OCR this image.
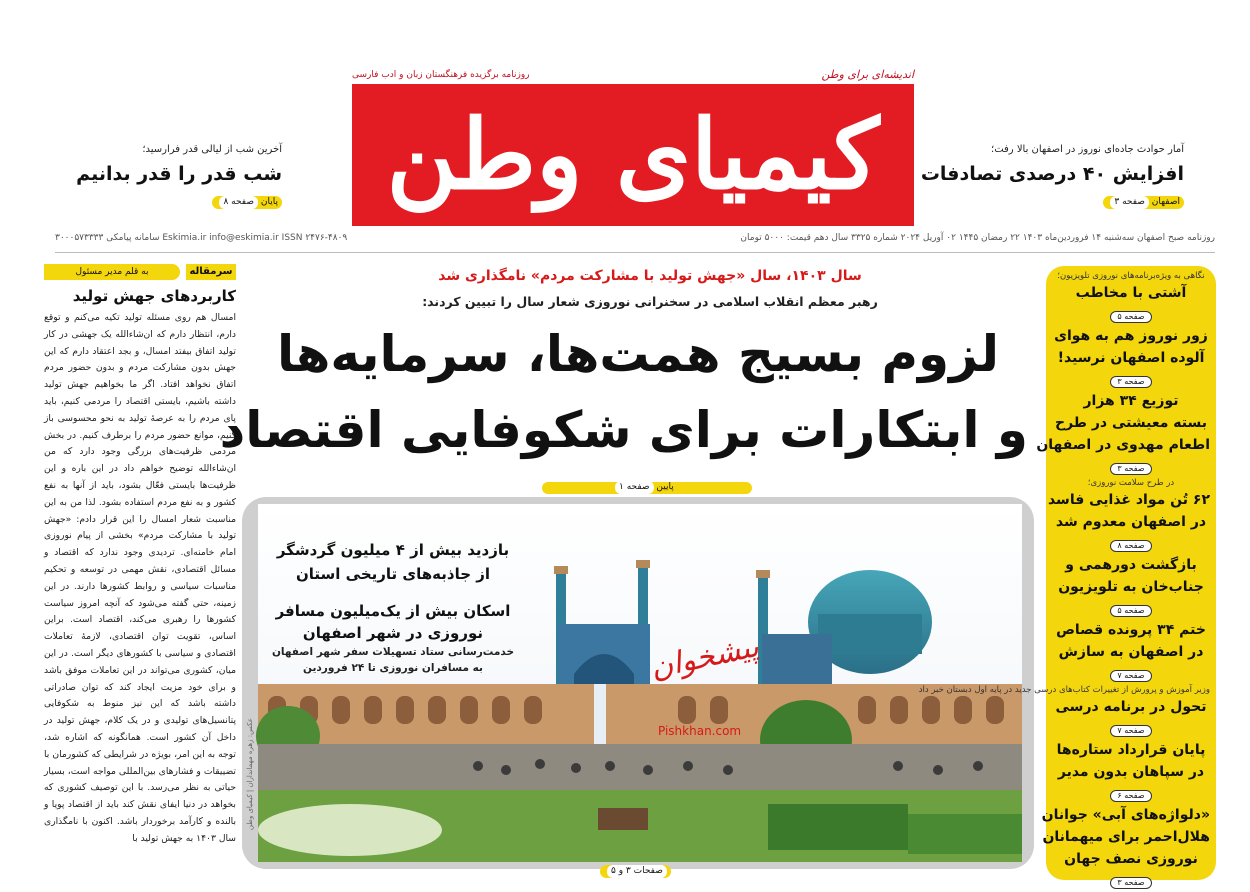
اندیشه‌ای برای وطن
روزنامه برگزیده فرهنگستان زبان و ادب فارسی
کیمیای وطن	آمار حوادث جاده‌ای نوروز در اصفهان بالا رفت؛
افزایش ۴۰ درصدی تصادفات
اصفهان صفحه ۳
آخرین شب از لیالی قدر فرارسید؛
شب قدر را قدر بدانیم
پایان صفحه ۸
روزنامه صبح اصفهان سه‌شنبه ۱۴ فروردین‌ماه ۱۴۰۳ ۲۲ رمضان ۱۴۴۵ ۰۲ آوریل ۲۰۲۴ شماره ۳۳۲۵ سال دهم قیمت: ۵۰۰۰ تومان
سامانه پیامکی ۳۰۰۰۵۷۳۳۳۳ Eskimia.ir info@eskimia.ir ISSN ۲۴۷۶-۴۸۰۹
سرمقاله
به قلم مدیر مسئول
کاربردهای جهش تولید
امسال هم روی مسئله تولید تکیه می‌کنم و توقع دارم، انتظار دارم که ان‌شاءالله یک جهشی در کار تولید اتفاق بیفتد امسال، و بجد اعتقاد دارم که این جهش بدون مشارکت مردم و بدون حضور مردم اتفاق نخواهد افتاد. اگر ما بخواهیم جهش تولید داشته باشیم، بایستی اقتصاد را مردمی کنیم، باید پای مردم را به عرصهٔ تولید به نحو محسوسی باز کنیم، موانع حضور مردم را برطرف کنیم. در بخش مردمی ظرفیت‌های بزرگی وجود دارد که من ان‌شاءالله توضیح خواهم داد در این باره و این ظرفیت‌ها بایستی فعّال بشود، باید از آنها به نفع کشور و به نفع مردم استفاده بشود. لذا من به این مناسبت شعار امسال را این قرار دادم: «جهش تولید با مشارکت مردم» بخشی از پیام نوروزی امام خامنه‌ای. تردیدی وجود ندارد که اقتصاد و مسائل اقتصادی، نقش مهمی در توسعه و تحکیم مناسبات سیاسی و روابط کشورها دارند. در این زمینه، حتی گفته می‌شود که آنچه امروز سیاست کشورها را رهبری می‌کند، اقتصاد است. براین اساس، تقویت توان اقتصادی، لازمهٔ تعاملات اقتصادی و سیاسی با کشورهای دیگر است. در این میان، کشوری می‌تواند در این تعاملات موفق باشد و برای خود مزیت ایجاد کند که توان صادراتی داشته باشد که این نیز منوط به شکوفایی پتانسیل‌های تولیدی و در یک کلام، جهش تولید در داخل آن کشور است. همانگونه که اشاره شد، توجه به این امر، بویژه در شرایطی که کشورمان با تضییقات و فشارهای بین‌المللی مواجه است، بسیار حیاتی به نظر می‌رسد. با این توصیف کشوری که بخواهد در دنیا ایفای نقش کند باید از اقتصاد پویا و بالنده و کارآمد برخوردار باشد. اکنون با نامگذاری سال ۱۴۰۳ به جهش تولید با
سال ۱۴۰۳، سال «جهش تولید با مشارکت مردم» نامگذاری شد
رهبر معظم انقلاب اسلامی در سخنرانی نوروزی شعار سال را تبیین کردند:
لزوم بسیج همت‌ها، سرمایه‌ها
و ابتکارات برای شکوفایی اقتصاد
پایین صفحه ۱
بازدید بیش از ۴ میلیون گردشگر از جاذبه‌های تاریخی استان
اسکان بیش از یک‌میلیون مسافر نوروزی در شهر اصفهان
خدمت‌رسانی ستاد تسهیلات سفر شهر اصفهان به مسافران نوروزی تا ۲۴ فروردین
عکس: زهره مهمانداران | کیمیای وطن
پیشخوان
Pishkhan.com
صفحات ۳ و ۵
نگاهی به ویژه‌برنامه‌های نوروزی تلویزیون؛
آشتی با مخاطب
صفحه ۵
زور نوروز هم به هوای
آلوده اصفهان نرسید!
صفحه ۳
توزیع ۳۴ هزار
بسته معیشتی در طرح
اطعام مهدوی در اصفهان
صفحه ۳
در طرح سلامت نوروزی؛
۶۲ تُن مواد غذایی فاسد
در اصفهان معدوم شد
صفحه ۸
بازگشت دورهمی و
جناب‌خان به تلویزیون
صفحه ۵
ختم ۳۴ پرونده قصاص
در اصفهان به سازش
صفحه ۷
وزیر آموزش و پرورش از تغییرات کتاب‌های درسی جدید در پایه اول دبستان خبر داد
تحول در برنامه درسی
صفحه ۷
پایان قرارداد ستاره‌ها
در سپاهان بدون مدیر
صفحه ۶
«دلواژه‌های آبی» جوانان
هلال‌احمر برای میهمانان
نوروزی نصف جهان
صفحه ۳
